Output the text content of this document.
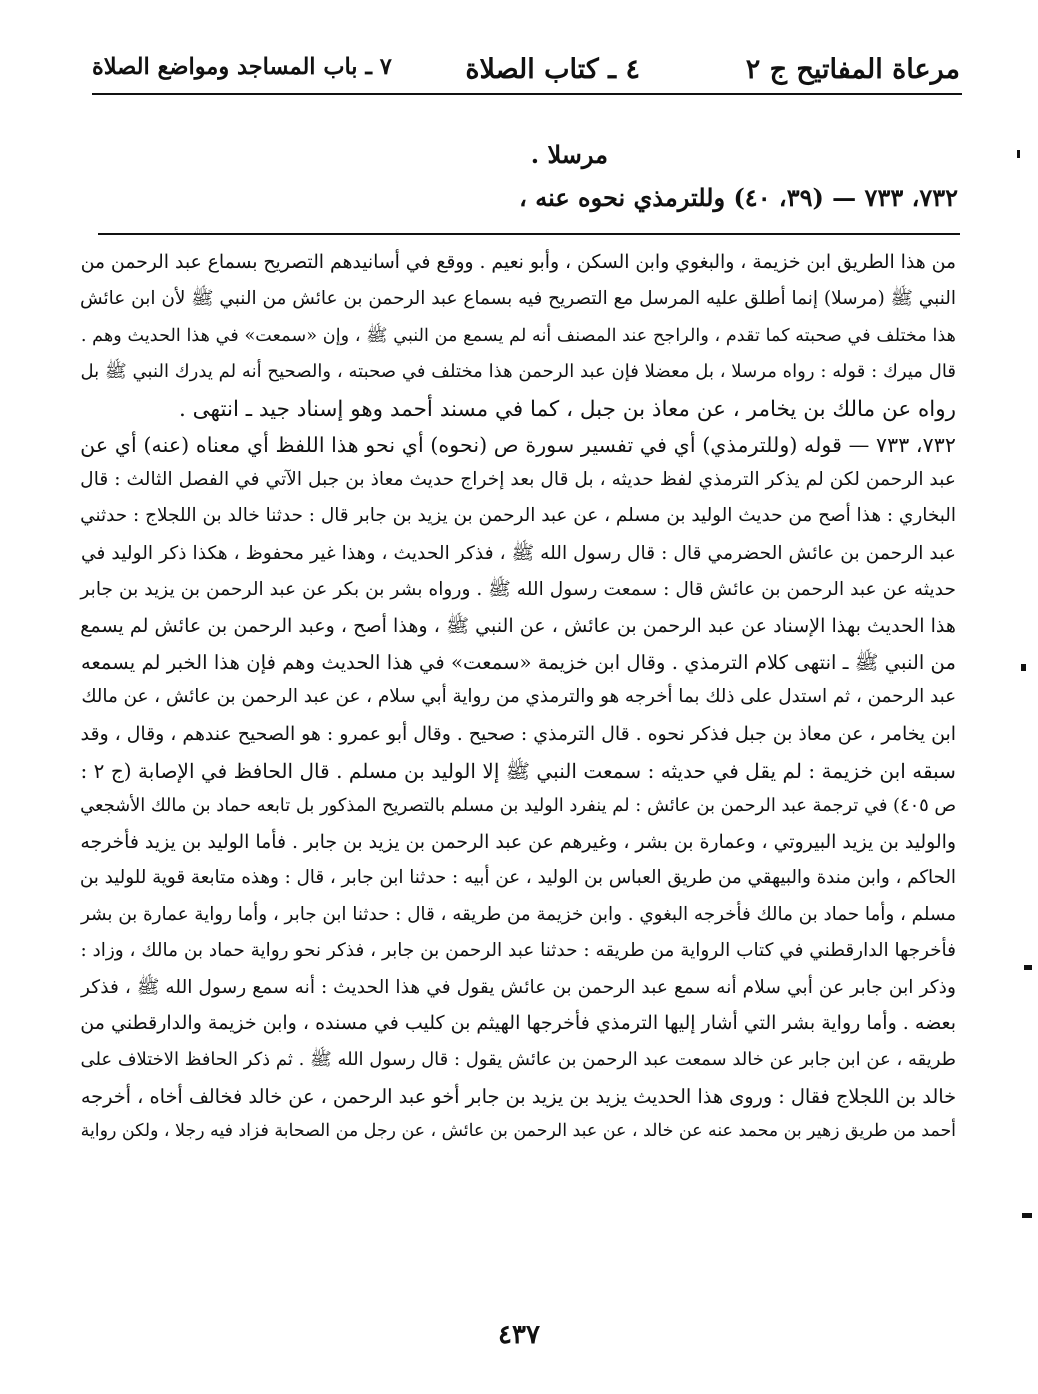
مرعاة المفاتيح ج ٢
٤ ـ كتاب الصلاة
٧ ـ باب المساجد ومواضع الصلاة
مرسلا .
٧٣٢، ٧٣٣ — (٣٩، ٤٠) وللترمذي نحوه عنه ،
من هذا الطريق ابن خزيمة ، والبغوي وابن السكن ، وأبو نعيم . ووقع في أسانيدهم التصريح بسماع عبد الرحمن من
النبي ﷺ (مرسلا) إنما أطلق عليه المرسل مع التصريح فيه بسماع عبد الرحمن بن عائش من النبي ﷺ لأن ابن عائش
هذا مختلف في صحبته كما تقدم ، والراجح عند المصنف أنه لم يسمع من النبي ﷺ ، وإن «سمعت» في هذا الحديث وهم .
قال ميرك : قوله : رواه مرسلا ، بل معضلا فإن عبد الرحمن هذا مختلف في صحبته ، والصحيح أنه لم يدرك النبي ﷺ بل
رواه عن مالك بن يخامر ، عن معاذ بن جبل ، كما في مسند أحمد وهو إسناد جيد ـ انتهى .
٧٣٢، ٧٣٣ — قوله (وللترمذي) أي في تفسير سورة ص (نحوه) أي نحو هذا اللفظ أي معناه (عنه) أي عن
عبد الرحمن لكن لم يذكر الترمذي لفظ حديثه ، بل قال بعد إخراج حديث معاذ بن جبل الآتي في الفصل الثالث : قال
البخاري : هذا أصح من حديث الوليد بن مسلم ، عن عبد الرحمن بن يزيد بن جابر قال : حدثنا خالد بن اللجلاج : حدثني
عبد الرحمن بن عائش الحضرمي قال : قال رسول الله ﷺ ، فذكر الحديث ، وهذا غير محفوظ ، هكذا ذكر الوليد في
حديثه عن عبد الرحمن بن عائش قال : سمعت رسول الله ﷺ . ورواه بشر بن بكر عن عبد الرحمن بن يزيد بن جابر
هذا الحديث بهذا الإسناد عن عبد الرحمن بن عائش ، عن النبي ﷺ ، وهذا أصح ، وعبد الرحمن بن عائش لم يسمع
من النبي ﷺ ـ انتهى كلام الترمذي . وقال ابن خزيمة «سمعت» في هذا الحديث وهم فإن هذا الخبر لم يسمعه
عبد الرحمن ، ثم استدل على ذلك بما أخرجه هو والترمذي من رواية أبي سلام ، عن عبد الرحمن بن عائش ، عن مالك
ابن يخامر ، عن معاذ بن جبل فذكر نحوه . قال الترمذي : صحيح . وقال أبو عمرو : هو الصحيح عندهم ، وقال ، وقد
سبقه ابن خزيمة : لم يقل في حديثه : سمعت النبي ﷺ إلا الوليد بن مسلم . قال الحافظ في الإصابة (ج ٢ :
ص ٤٠٥) في ترجمة عبد الرحمن بن عائش : لم ينفرد الوليد بن مسلم بالتصريح المذكور بل تابعه حماد بن مالك الأشجعي
والوليد بن يزيد البيروتي ، وعمارة بن بشر ، وغيرهم عن عبد الرحمن بن يزيد بن جابر . فأما الوليد بن يزيد فأخرجه
الحاكم ، وابن مندة والبيهقي من طريق العباس بن الوليد ، عن أبيه : حدثنا ابن جابر ، قال : وهذه متابعة قوية للوليد بن
مسلم ، وأما حماد بن مالك فأخرجه البغوي . وابن خزيمة من طريقه ، قال : حدثنا ابن جابر ، وأما رواية عمارة بن بشر
فأخرجها الدارقطني في كتاب الرواية من طريقه : حدثنا عبد الرحمن بن جابر ، فذكر نحو رواية حماد بن مالك ، وزاد :
وذكر ابن جابر عن أبي سلام أنه سمع عبد الرحمن بن عائش يقول في هذا الحديث : أنه سمع رسول الله ﷺ ، فذكر
بعضه . وأما رواية بشر التي أشار إليها الترمذي فأخرجها الهيثم بن كليب في مسنده ، وابن خزيمة والدارقطني من
طريقه ، عن ابن جابر عن خالد سمعت عبد الرحمن بن عائش يقول : قال رسول الله ﷺ . ثم ذكر الحافظ الاختلاف على
خالد بن اللجلاج فقال : وروى هذا الحديث يزيد بن يزيد بن جابر أخو عبد الرحمن ، عن خالد فخالف أخاه ، أخرجه
أحمد من طريق زهير بن محمد عنه عن خالد ، عن عبد الرحمن بن عائش ، عن رجل من الصحابة فزاد فيه رجلا ، ولكن رواية
٤٣٧
